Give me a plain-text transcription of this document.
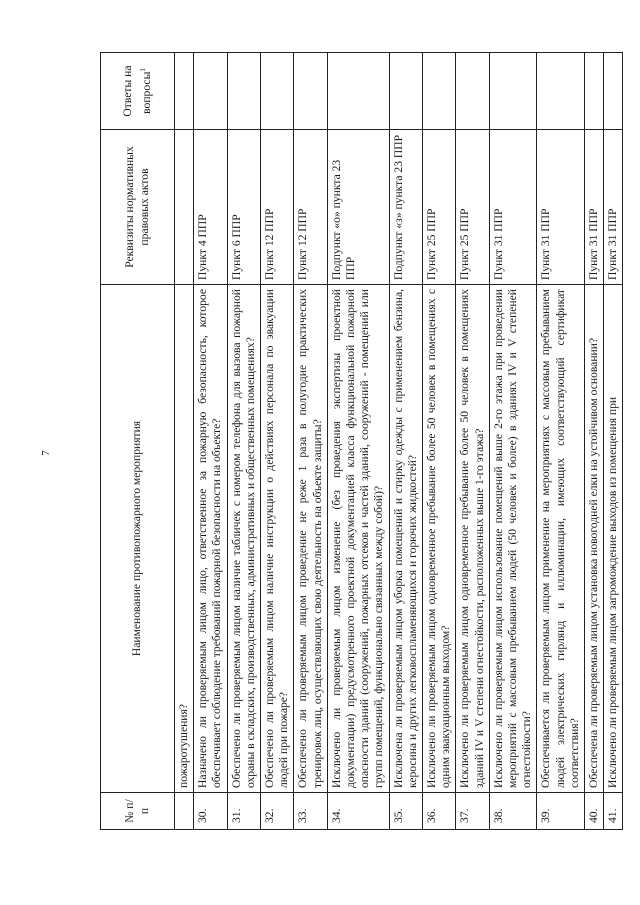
7
№ п/п	Наименование противопожарного мероприятия	Реквизиты нормативных правовых актов	Ответы на вопросы$^1$
	пожаротушения?		
30.	Назначено ли проверяемым лицом лицо, ответственное за пожарную безопасность, которое обеспечивает соблюдение требований пожарной безопасности на объекте?	Пункт 4 ППР	
31.	Обеспечено ли проверяемым лицом наличие табличек с номером телефона для вызова пожарной охраны в складских, производственных, административных и общественных помещениях?	Пункт 6 ППР	
32.	Обеспечено ли проверяемым лицом наличие инструкции о действиях персонала по эвакуации людей при пожаре?	Пункт 12 ППР	
33.	Обеспечено ли проверяемым лицом проведение не реже 1 раза в полугодие практических тренировок лиц, осуществляющих свою деятельность на объекте защиты?	Пункт 12 ППР	
34.	Исключено ли проверяемым лицом изменение (без проведения экспертизы проектной документации) предусмотренного проектной документацией класса функциональной пожарной опасности зданий (сооружений, пожарных отсеков и частей зданий, сооружений - помещений или групп помещений, функционально связанных между собой)?	Подпункт «о» пункта 23 ППР	
35.	Исключена ли проверяемым лицом уборка помещений и стирку одежды с применением бензина, керосина и других легковоспламеняющихся и горючих жидкостей?	Подпункт «з» пункта 23 ППР	
36.	Исключено ли проверяемым лицом одновременное пребывание более 50 человек в помещениях с одним эвакуационным выходом?	Пункт 25 ППР	
37.	Исключено ли проверяемым лицом одновременное пребывание более 50 человек в помещениях зданий IV и V степени огнестойкости, расположенных выше 1-го этажа?	Пункт 25 ППР	
38.	Исключено ли проверяемым лицом использование помещений выше 2-го этажа при проведении мероприятий с массовым пребыванием людей (50 человек и более) в зданиях IV и V степеней огнестойкости?	Пункт 31 ППР	
39.	Обеспечивается ли проверяемым лицом применение на мероприятиях с массовым пребыванием людей электрических гирлянд и иллюминации, имеющих соответствующий сертификат соответствия?	Пункт 31 ППР	
40.	Обеспечена ли проверяемым лицом установка новогодней елки на устойчивом основании?	Пункт 31 ППР	
41.	Исключено ли проверяемым лицом загромождение выходов из помещения при	Пункт 31 ППР	
